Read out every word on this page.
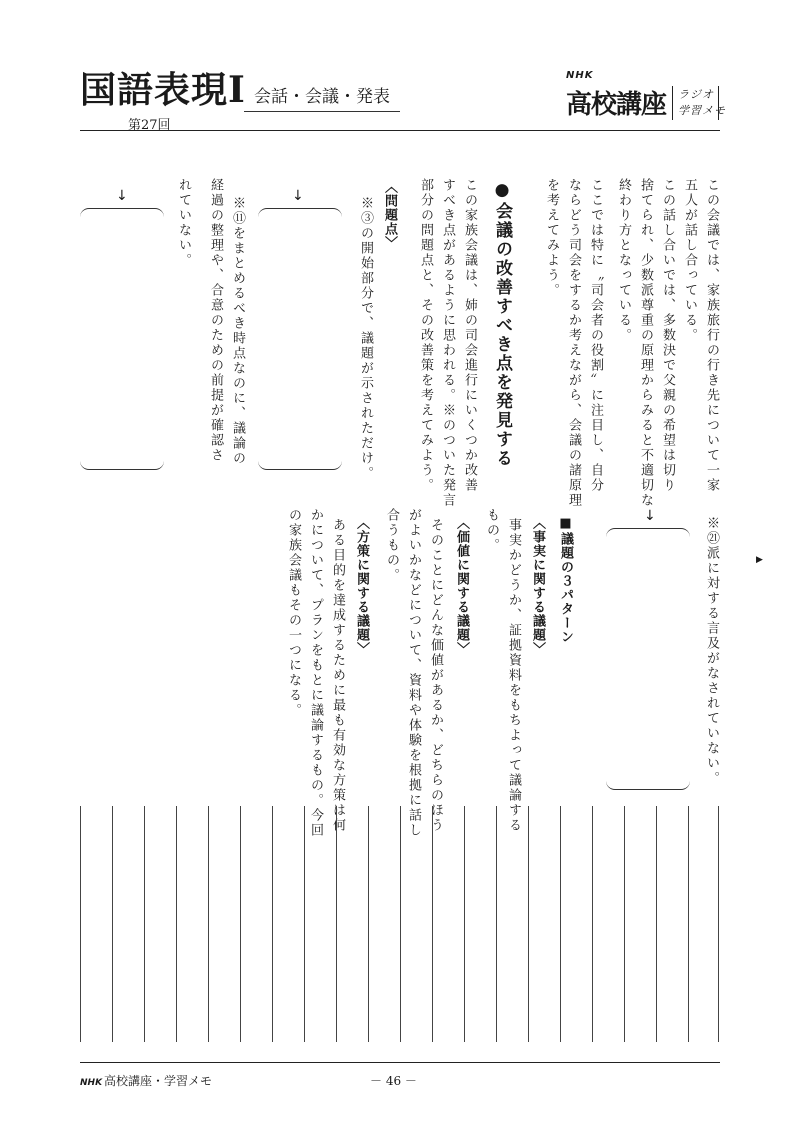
国語表現Ⅰ 会話・会議・発表
第27回
NHK
高校講座 ラジオ
学習メモ
この会議では、家族旅行の行き先について一家
五人が話し合っている。
この話し合いでは、多数決で父親の希望は切り
捨てられ、少数派尊重の原理からみると不適切な
終わり方となっている。
ここでは特に〝司会者の役割〟に注目し、自分
ならどう司会をするか考えながら、会議の諸原理
を考えてみよう。
●会議の改善すべき点を発見する
この家族会議は、姉の司会進行にいくつか改善
すべき点があるように思われる。※のついた発言
部分の問題点と、その改善策を考えてみよう。
〈問題点〉
※③の開始部分で、議題が示されただけ。
↓
※⑪をまとめるべき時点なのに、議論の
経過の整理や、合意のための前提が確認さ
れていない。
↓
※㉑派に対する言及がなされていない。	▶
↓
■議題の３パターン
〈事実に関する議題〉
事実かどうか、証拠資料をもちよって議論する
もの。
〈価値に関する議題〉
そのことにどんな価値があるか、どちらのほう
がよいかなどについて、資料や体験を根拠に話し
合うもの。
〈方策に関する議題〉
ある目的を達成するために最も有効な方策は何
かについて、プランをもとに議論するもの。今回
の家族会議もその一つになる。
NHK 高校講座・学習メモ	－ 46 －
